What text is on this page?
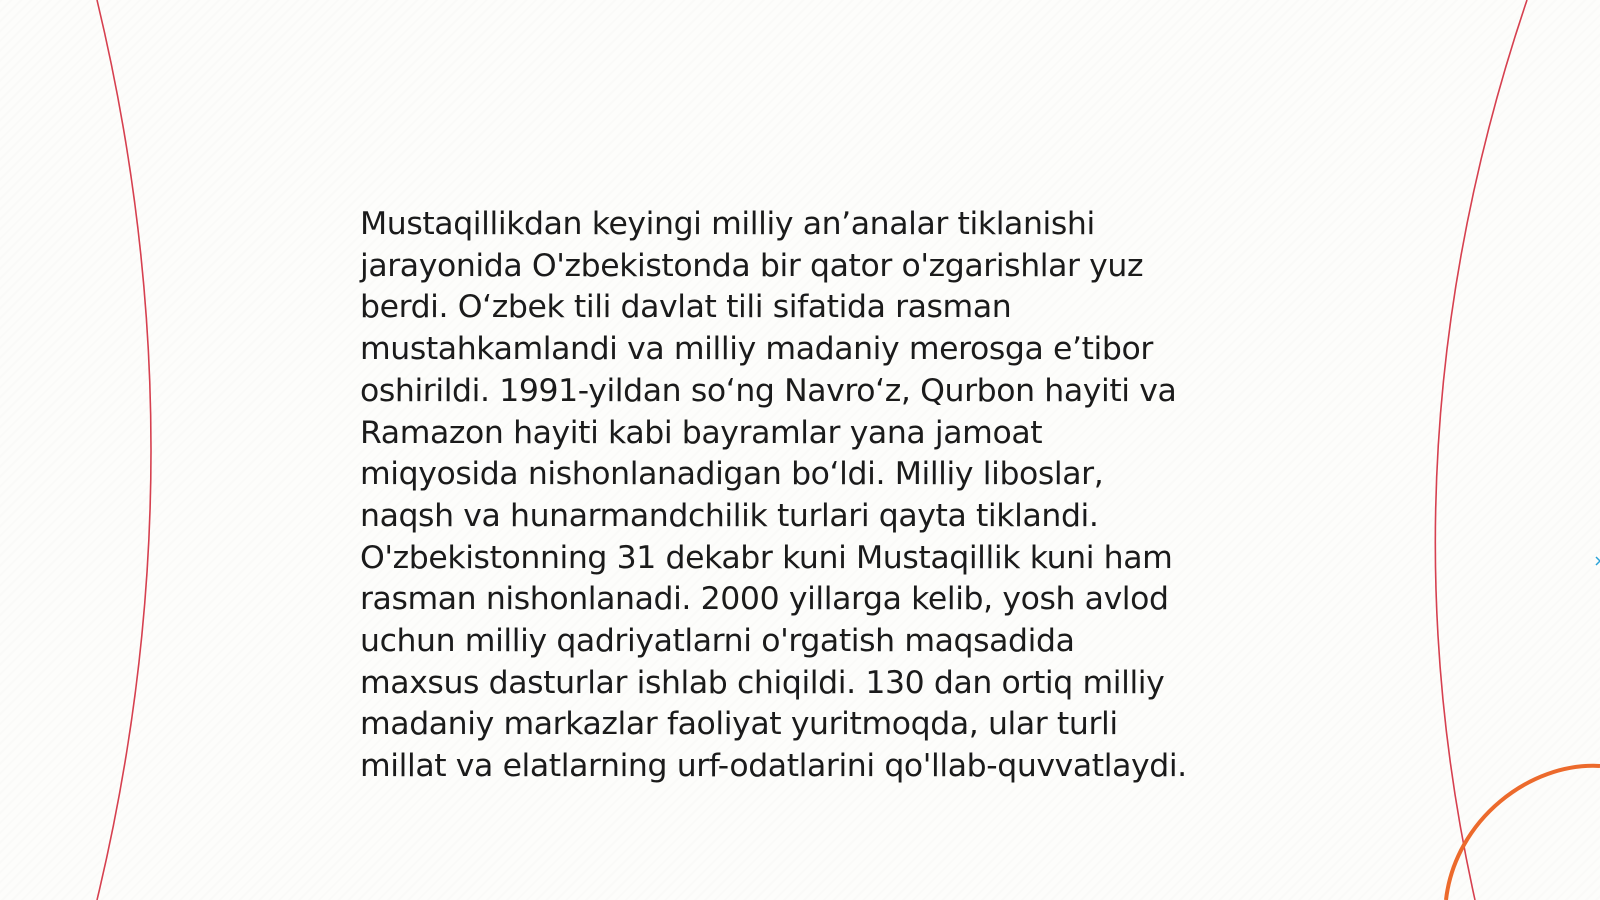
Mustaqillikdan keyingi milliy an’analar tiklanishi
jarayonida O'zbekistonda bir qator o'zgarishlar yuz
berdi. O‘zbek tili davlat tili sifatida rasman
mustahkamlandi va milliy madaniy merosga e’tibor
oshirildi. 1991-yildan so‘ng Navro‘z, Qurbon hayiti va
Ramazon hayiti kabi bayramlar yana jamoat
miqyosida nishonlanadigan bo‘ldi. Milliy liboslar,
naqsh va hunarmandchilik turlari qayta tiklandi.
O'zbekistonning 31 dekabr kuni Mustaqillik kuni ham
rasman nishonlanadi. 2000 yillarga kelib, yosh avlod
uchun milliy qadriyatlarni o'rgatish maqsadida
maxsus dasturlar ishlab chiqildi. 130 dan ortiq milliy
madaniy markazlar faoliyat yuritmoqda, ular turli
millat va elatlarning urf-odatlarini qo'llab-quvvatlaydi.
